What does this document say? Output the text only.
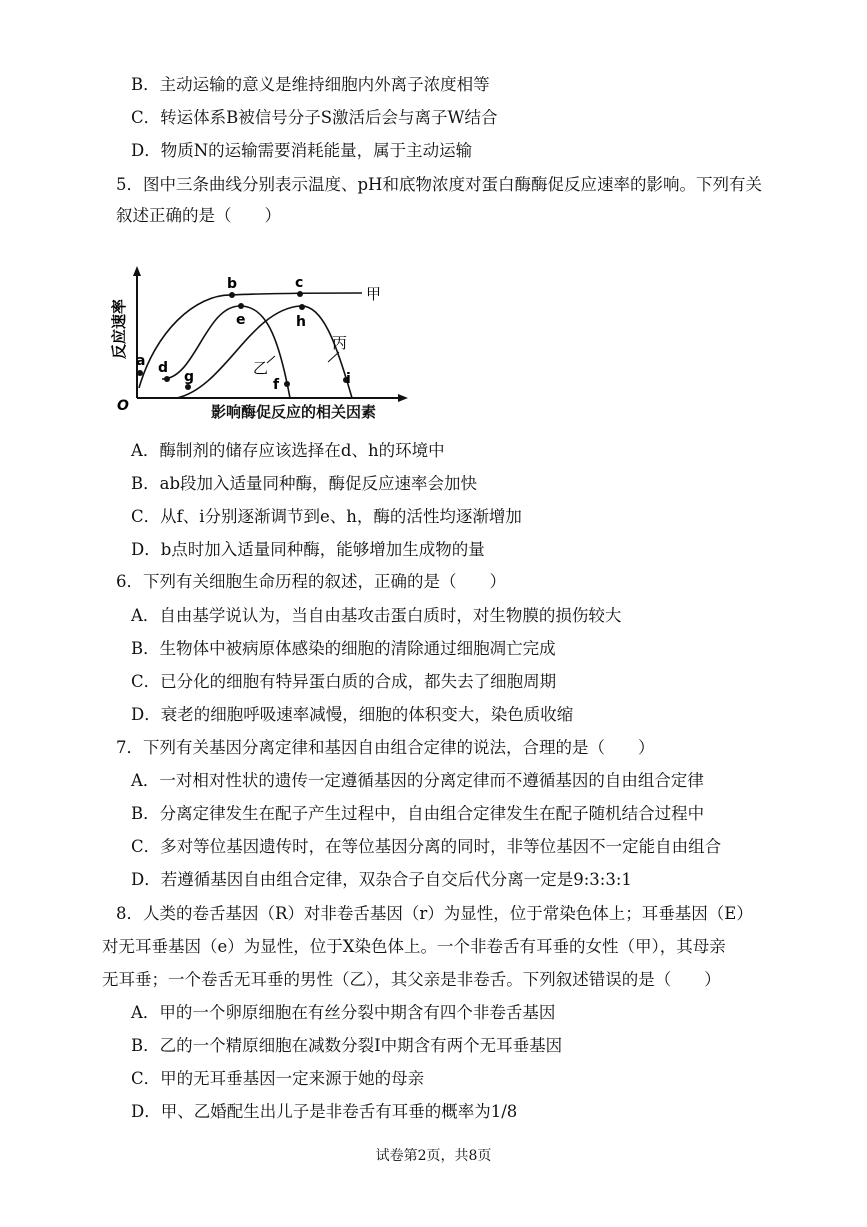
B．主动运输的意义是维持细胞内外离子浓度相等
C．转运体系B被信号分子S激活后会与离子W结合
D．物质N的运输需要消耗能量，属于主动运输
5．图中三条曲线分别表示温度、pH和底物浓度对蛋白酶酶促反应速率的影响。下列有关
叙述正确的是（　　）
a
b	c
d
e
f
g
h
i
甲
乙
丙
O
反应速率
影响酶促反应的相关因素
A．酶制剂的储存应该选择在d、h的环境中
B．ab段加入适量同种酶，酶促反应速率会加快
C．从f、i分别逐渐调节到e、h，酶的活性均逐渐增加
D．b点时加入适量同种酶，能够增加生成物的量
6．下列有关细胞生命历程的叙述，正确的是（　　）
A．自由基学说认为，当自由基攻击蛋白质时，对生物膜的损伤较大
B．生物体中被病原体感染的细胞的清除通过细胞凋亡完成
C．已分化的细胞有特异蛋白质的合成，都失去了细胞周期
D．衰老的细胞呼吸速率减慢，细胞的体积变大，染色质收缩
7．下列有关基因分离定律和基因自由组合定律的说法，合理的是（　　）
A．一对相对性状的遗传一定遵循基因的分离定律而不遵循基因的自由组合定律
B．分离定律发生在配子产生过程中，自由组合定律发生在配子随机结合过程中
C．多对等位基因遗传时，在等位基因分离的同时，非等位基因不一定能自由组合
D．若遵循基因自由组合定律，双杂合子自交后代分离一定是9:3:3:1
8．人类的卷舌基因（R）对非卷舌基因（r）为显性，位于常染色体上；耳垂基因（E）
对无耳垂基因（e）为显性，位于X染色体上。一个非卷舌有耳垂的女性（甲），其母亲
无耳垂；一个卷舌无耳垂的男性（乙），其父亲是非卷舌。下列叙述错误的是（　　）
A．甲的一个卵原细胞在有丝分裂中期含有四个非卷舌基因
B．乙的一个精原细胞在减数分裂Ⅰ中期含有两个无耳垂基因
C．甲的无耳垂基因一定来源于她的母亲
D．甲、乙婚配生出儿子是非卷舌有耳垂的概率为1/8
试卷第2页，共8页
